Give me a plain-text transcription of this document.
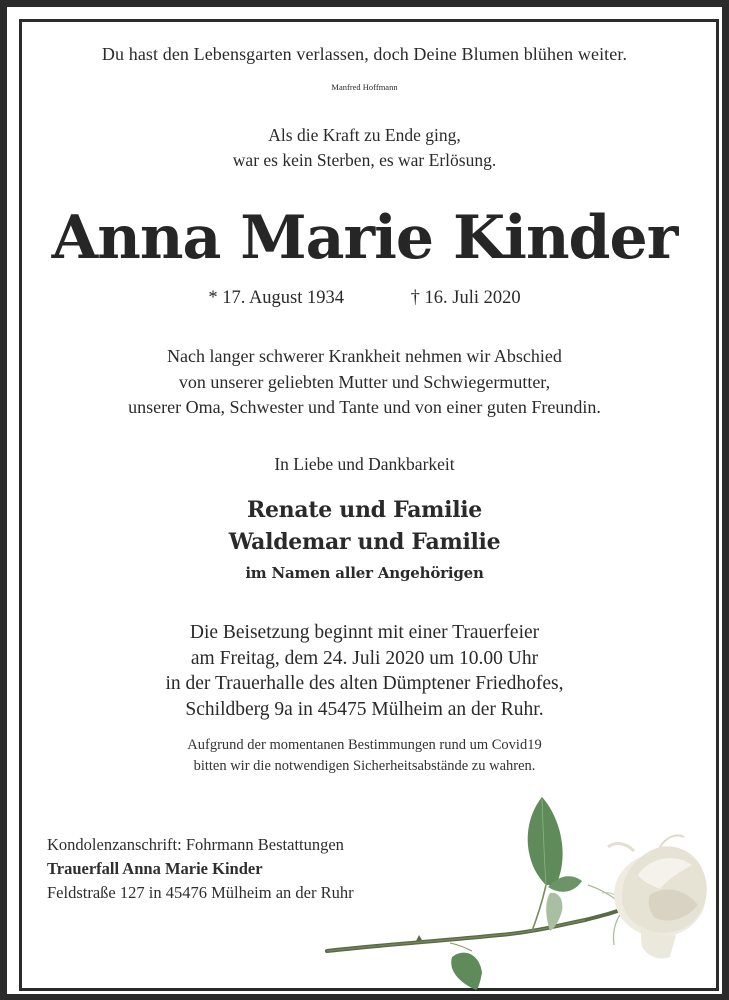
Du hast den Lebensgarten verlassen, doch Deine Blumen blühen weiter.
Manfred Hoffmann
Als die Kraft zu Ende ging,
war es kein Sterben, es war Erlösung.
Anna Marie Kinder
* 17. August 1934	† 16. Juli 2020
Nach langer schwerer Krankheit nehmen wir Abschied
von unserer geliebten Mutter und Schwiegermutter,
unserer Oma, Schwester und Tante und von einer guten Freundin.
In Liebe und Dankbarkeit
Renate und Familie
Waldemar und Familie
im Namen aller Angehörigen
Die Beisetzung beginnt mit einer Trauerfeier
am Freitag, dem 24. Juli 2020 um 10.00 Uhr
in der Trauerhalle des alten Dümptener Friedhofes,
Schildberg 9a in 45475 Mülheim an der Ruhr.
Aufgrund der momentanen Bestimmungen rund um Covid19
bitten wir die notwendigen Sicherheitsabstände zu wahren.
Kondolenzanschrift: Fohrmann Bestattungen
Trauerfall Anna Marie Kinder
Feldstraße 127 in 45476 Mülheim an der Ruhr
